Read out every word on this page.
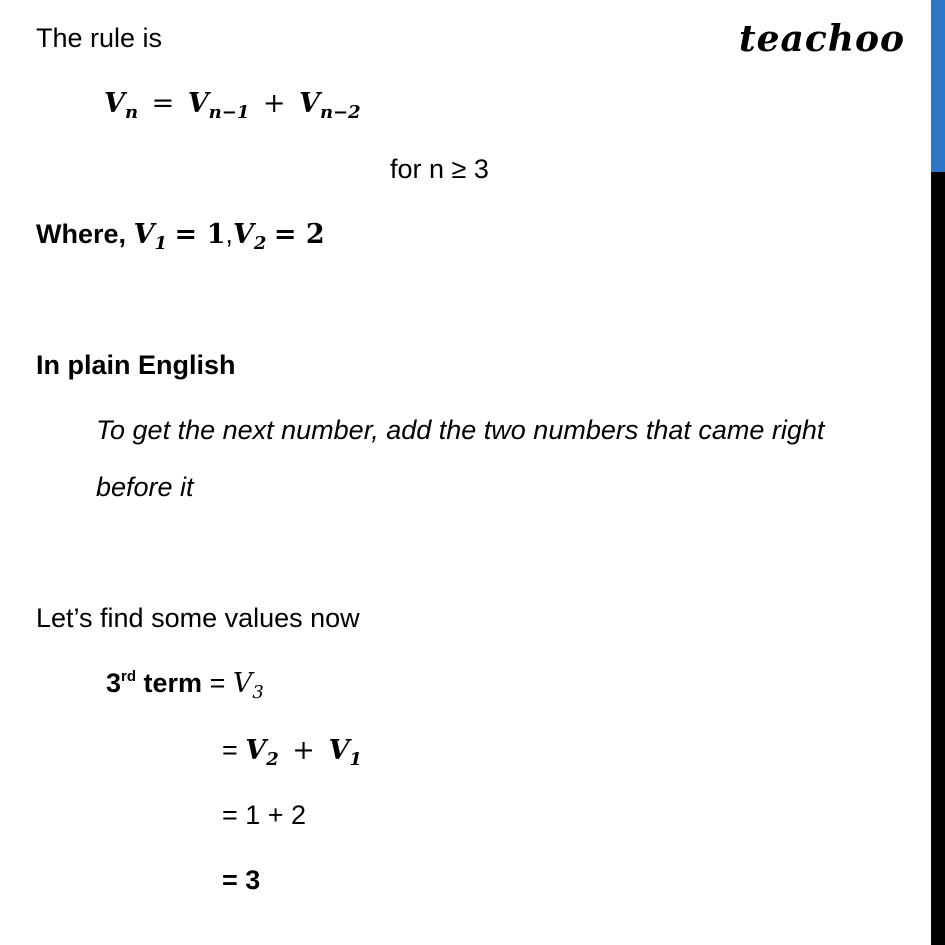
teachoo
The rule is
$V_n = V_{n-1} + V_{n-2}$
for n ≥ 3
Where, $V_1 = 1,V_2 = 2$
In plain English
To get the next number, add the two numbers that came right
before it
Let’s find some values now
3rd term = $V_3$
= $V_2 + V_1$
= 1 + 2
= 3
